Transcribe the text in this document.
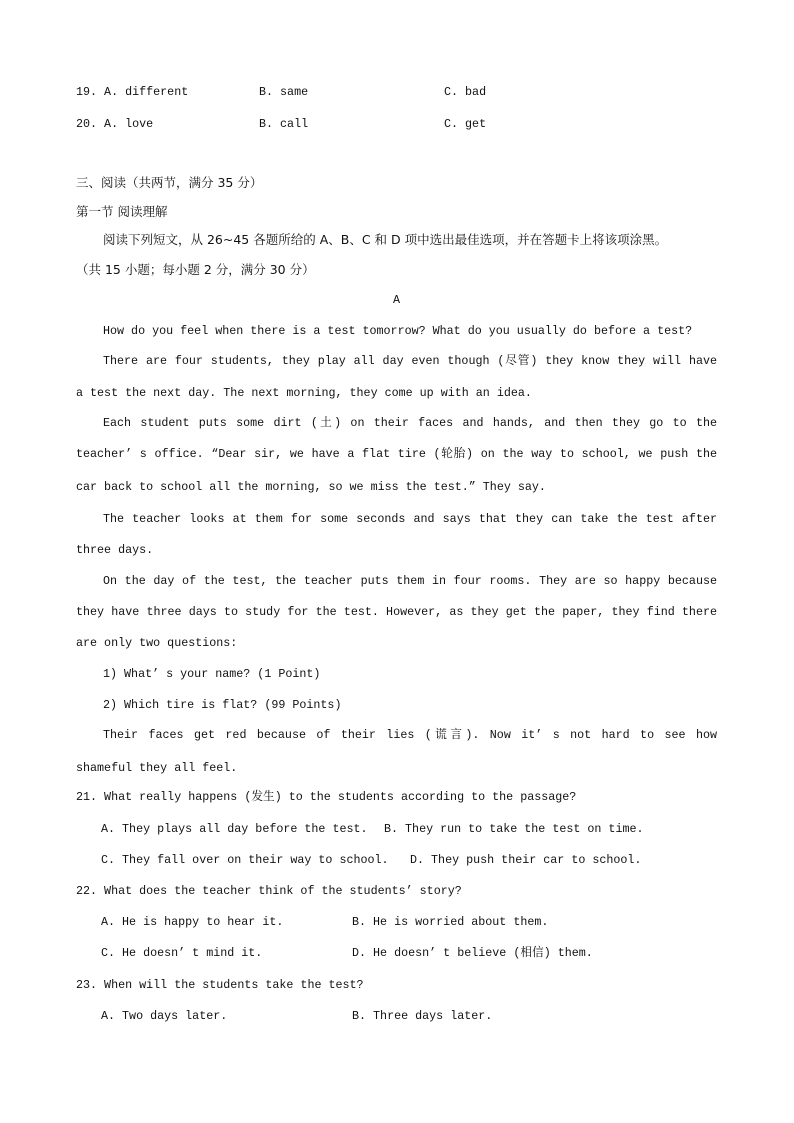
19. A. different	B. same	C. bad
20. A. love	B. call	C. get
三、阅读（共两节，满分 35 分）
第一节 阅读理解
阅读下列短文，从 26~45 各题所给的 A、B、C 和 D 项中选出最佳选项，并在答题卡上将该项涂黑。
（共 15 小题；每小题 2 分，满分 30 分）
A
How do you feel when there is a test tomorrow? What do you usually do before a test?
There are four students, they play all day even though (尽管) they know they will have
a test the next day. The next morning, they come up with an idea.
Each student puts some dirt (土) on their faces and hands, and then they go to the
teacher’ s office. “Dear sir, we have a flat tire (轮胎) on the way to school, we push the
car back to school all the morning, so we miss the test.” They say.
The teacher looks at them for some seconds and says that they can take the test after
three days.
On the day of the test, the teacher puts them in four rooms. They are so happy because
they have three days to study for the test. However, as they get the paper, they find there
are only two questions:
1) What’ s your name? (1 Point)
2) Which tire is flat? (99 Points)
Their faces get red because of their lies (谎言). Now it’ s not hard to see how
shameful they all feel.
21. What really happens (发生) to the students according to the passage?
A. They plays all day before the test. B. They run to take the test on time.
C. They fall over on their way to school. D. They push their car to school.
22. What does the teacher think of the students’ story?
A. He is happy to hear it.	B. He is worried about them.
C. He doesn’ t mind it.	D. He doesn’ t believe (相信) them.
23. When will the students take the test?
A. Two days later.	B. Three days later.
